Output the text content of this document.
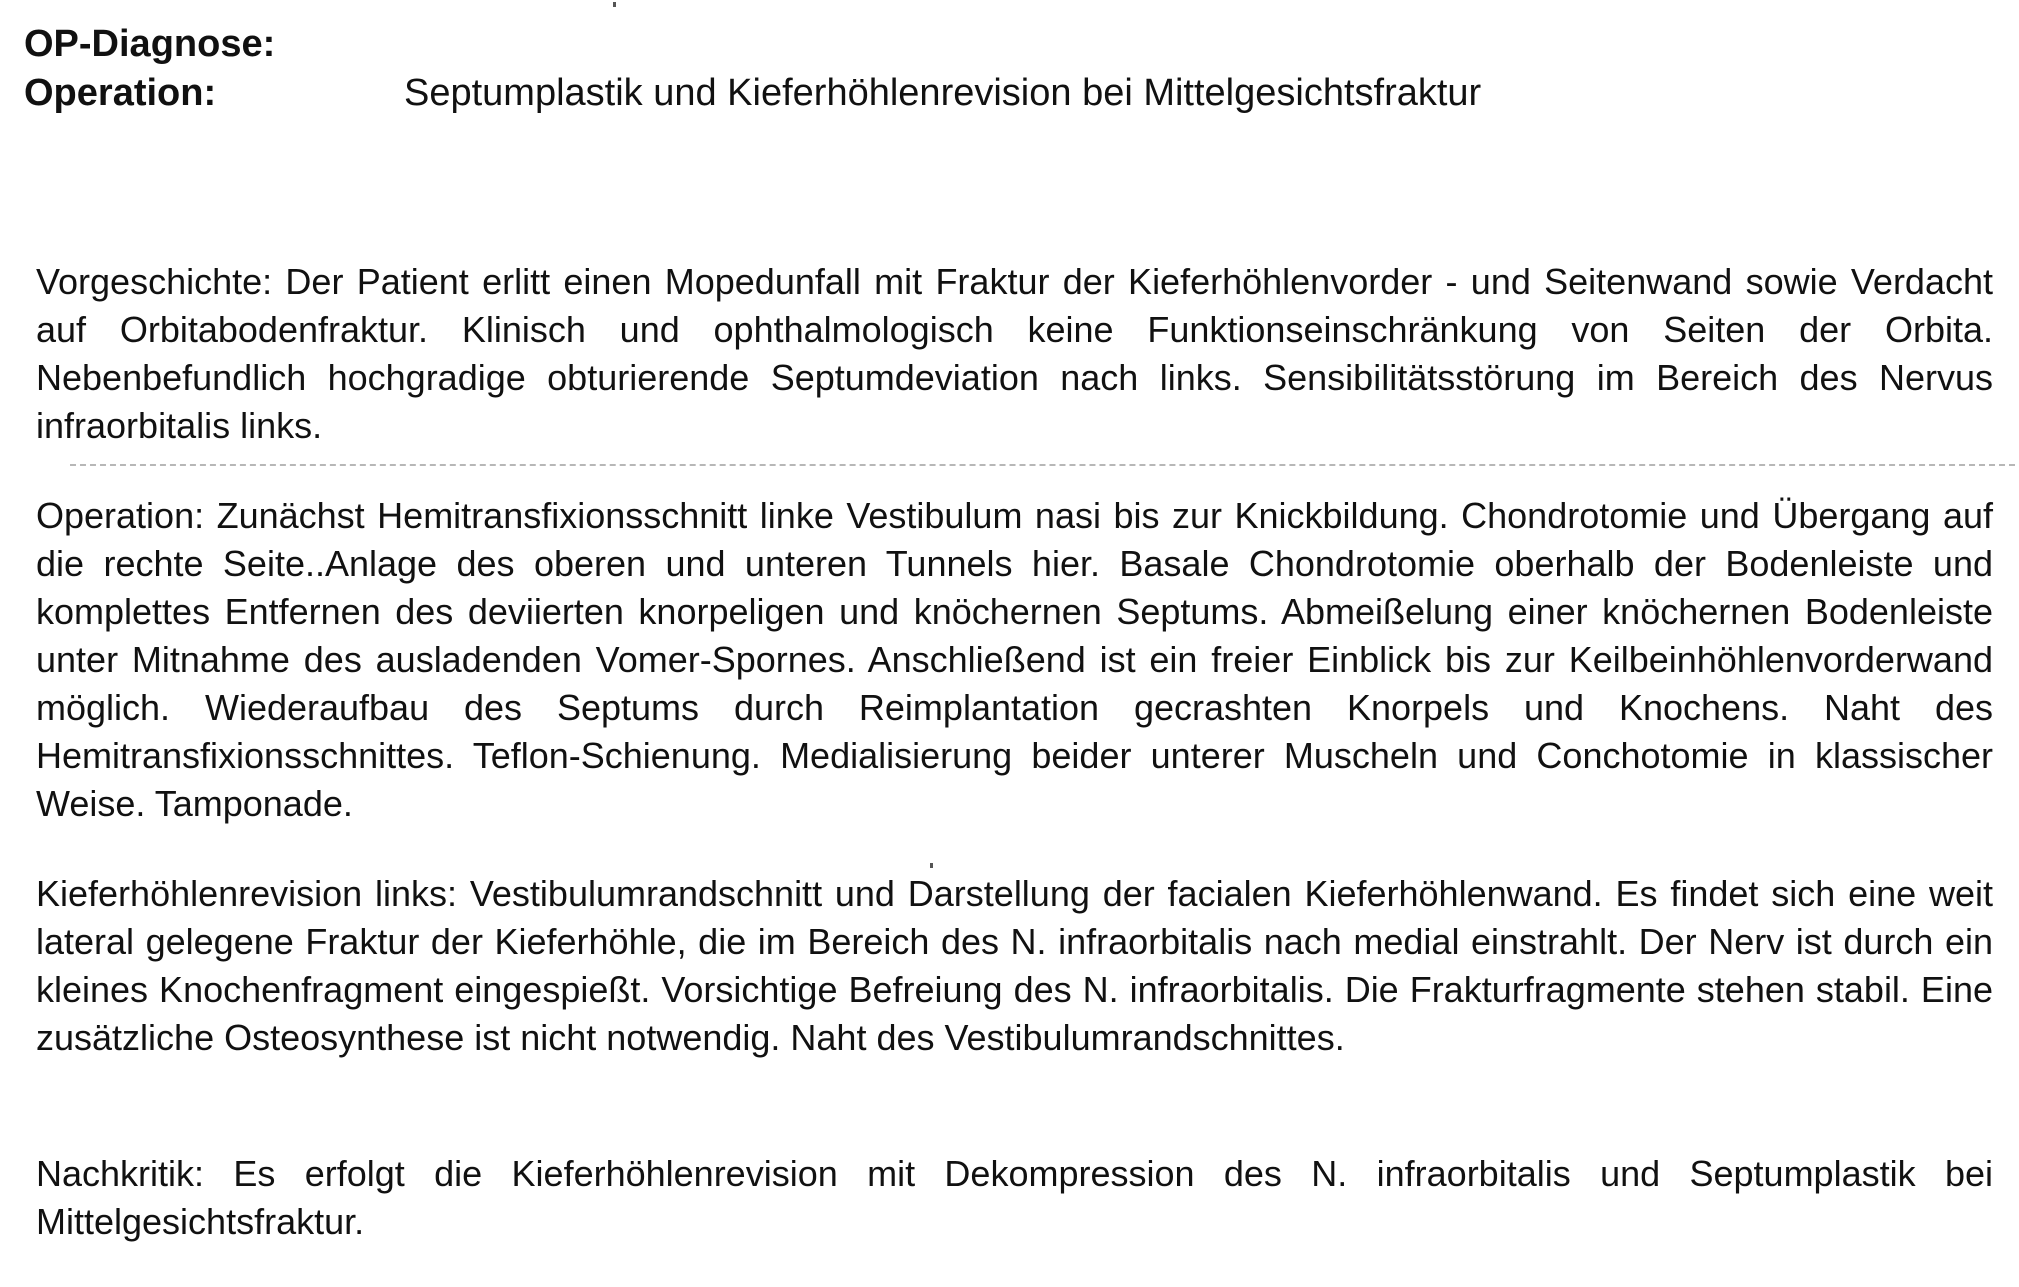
OP-Diagnose:
Operation:	Septumplastik und Kieferhöhlenrevision bei Mittelgesichtsfraktur

Vorgeschichte: Der Patient erlitt einen Mopedunfall mit Fraktur der Kieferhöhlenvorder - und Seitenwand sowie Verdacht auf Orbitabodenfraktur. Klinisch und ophthalmologisch keine Funktionseinschränkung von Seiten der Orbita. Nebenbefundlich hochgradige obturierende Septumdeviation nach links. Sensibilitätsstörung im Bereich des Nervus infraorbitalis links.

Operation: Zunächst Hemitransfixionsschnitt linke Vestibulum nasi bis zur Knickbildung. Chondrotomie und Übergang auf die rechte Seite..Anlage des oberen und unteren Tunnels hier. Basale Chondrotomie oberhalb der Bodenleiste und komplettes Entfernen des deviierten knorpeligen und knöchernen Septums. Abmeißelung einer knöchernen Bodenleiste unter Mitnahme des ausladenden Vomer-Spornes. Anschließend ist ein freier Einblick bis zur Keilbeinhöhlenvorderwand möglich. Wiederaufbau des Septums durch Reimplantation gecrashten Knorpels und Knochens. Naht des Hemitransfixionsschnittes. Teflon-Schienung. Medialisierung beider unterer Muscheln und Conchotomie in klassischer Weise. Tamponade.

Kieferhöhlenrevision links: Vestibulumrandschnitt und Darstellung der facialen Kieferhöhlenwand. Es findet sich eine weit lateral gelegene Fraktur der Kieferhöhle, die im Bereich des N. infraorbitalis nach medial einstrahlt. Der Nerv ist durch ein kleines Knochenfragment eingespießt. Vorsichtige Befreiung des N. infraorbitalis. Die Frakturfragmente stehen stabil. Eine zusätzliche Osteosynthese ist nicht notwendig. Naht des Vestibulumrandschnittes.

Nachkritik: Es erfolgt die Kieferhöhlenrevision mit Dekompression des N. infraorbitalis und Septumplastik bei Mittelgesichtsfraktur.
